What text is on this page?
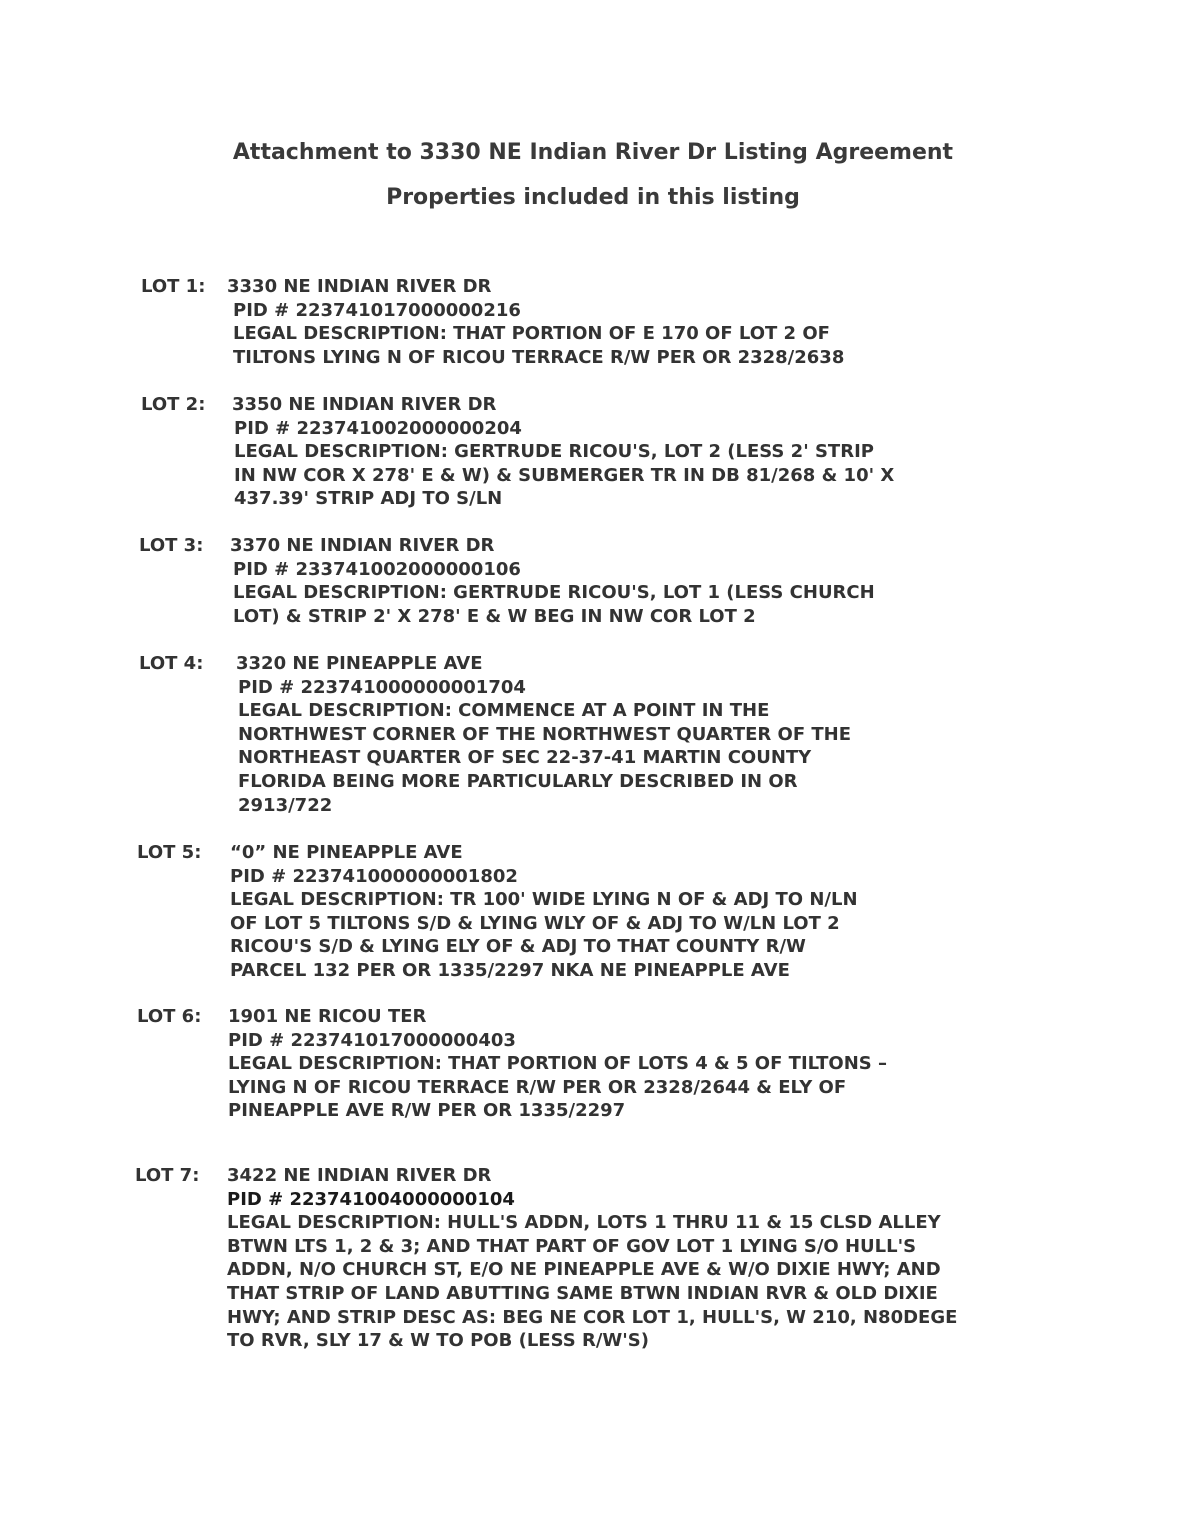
Attachment to 3330 NE Indian River Dr Listing Agreement
Properties included in this listing
LOT 1: 3330 NE INDIAN RIVER DR
PID # 223741017000000216
LEGAL DESCRIPTION: THAT PORTION OF E 170 OF LOT 2 OF
TILTONS LYING N OF RICOU TERRACE R/W PER OR 2328/2638
LOT 2: 3350 NE INDIAN RIVER DR
PID # 223741002000000204
LEGAL DESCRIPTION: GERTRUDE RICOU'S, LOT 2 (LESS 2' STRIP
IN NW COR X 278' E & W) & SUBMERGER TR IN DB 81/268 & 10' X
437.39' STRIP ADJ TO S/LN
LOT 3: 3370 NE INDIAN RIVER DR
PID # 233741002000000106
LEGAL DESCRIPTION: GERTRUDE RICOU'S, LOT 1 (LESS CHURCH
LOT) & STRIP 2' X 278' E & W BEG IN NW COR LOT 2
LOT 4: 3320 NE PINEAPPLE AVE
PID # 223741000000001704
LEGAL DESCRIPTION: COMMENCE AT A POINT IN THE
NORTHWEST CORNER OF THE NORTHWEST QUARTER OF THE
NORTHEAST QUARTER OF SEC 22-37-41 MARTIN COUNTY
FLORIDA BEING MORE PARTICULARLY DESCRIBED IN OR
2913/722
LOT 5: “0” NE PINEAPPLE AVE
PID # 223741000000001802
LEGAL DESCRIPTION: TR 100' WIDE LYING N OF & ADJ TO N/LN
OF LOT 5 TILTONS S/D & LYING WLY OF & ADJ TO W/LN LOT 2
RICOU'S S/D & LYING ELY OF & ADJ TO THAT COUNTY R/W
PARCEL 132 PER OR 1335/2297 NKA NE PINEAPPLE AVE
LOT 6: 1901 NE RICOU TER
PID # 223741017000000403
LEGAL DESCRIPTION: THAT PORTION OF LOTS 4 & 5 OF TILTONS –
LYING N OF RICOU TERRACE R/W PER OR 2328/2644 & ELY OF
PINEAPPLE AVE R/W PER OR 1335/2297
LOT 7: 3422 NE INDIAN RIVER DR
PID # 223741004000000104
LEGAL DESCRIPTION: HULL'S ADDN, LOTS 1 THRU 11 & 15 CLSD ALLEY
BTWN LTS 1, 2 & 3; AND THAT PART OF GOV LOT 1 LYING S/O HULL'S
ADDN, N/O CHURCH ST, E/O NE PINEAPPLE AVE & W/O DIXIE HWY; AND
THAT STRIP OF LAND ABUTTING SAME BTWN INDIAN RVR & OLD DIXIE
HWY; AND STRIP DESC AS: BEG NE COR LOT 1, HULL'S, W 210, N80DEGE
TO RVR, SLY 17 & W TO POB (LESS R/W'S)
